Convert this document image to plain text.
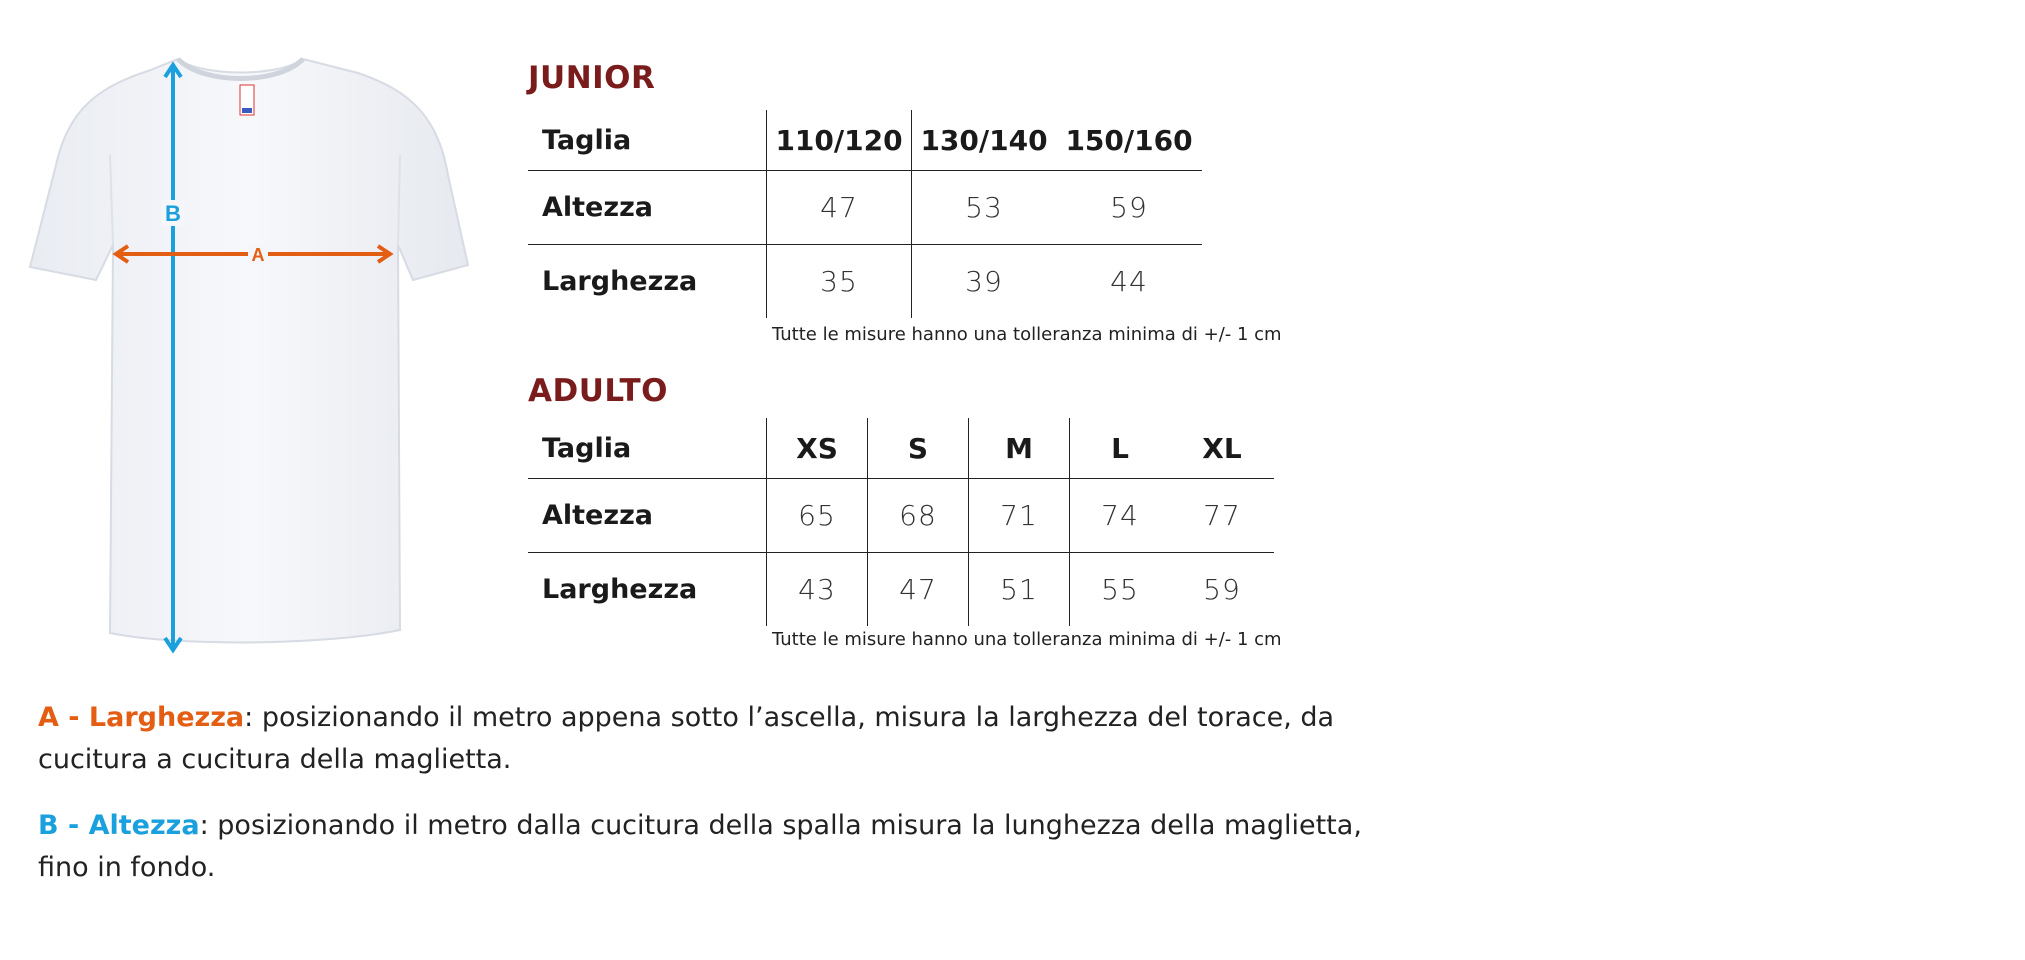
B
A
JUNIOR
Taglia	110/120	130/140	150/160
Altezza	47	53	59
Larghezza	35	39	44
Tutte le misure hanno una tolleranza minima di +/- 1 cm
ADULTO
Taglia	XS	S	M	L	XL
Altezza	65	68	71	74	77
Larghezza	43	47	51	55	59
Tutte le misure hanno una tolleranza minima di +/- 1 cm

A - Larghezza: posizionando il metro appena sotto l’ascella, misura la larghezza del torace, da cucitura a cucitura della maglietta.

B - Altezza: posizionando il metro dalla cucitura della spalla misura la lunghezza della maglietta, fino in fondo.
